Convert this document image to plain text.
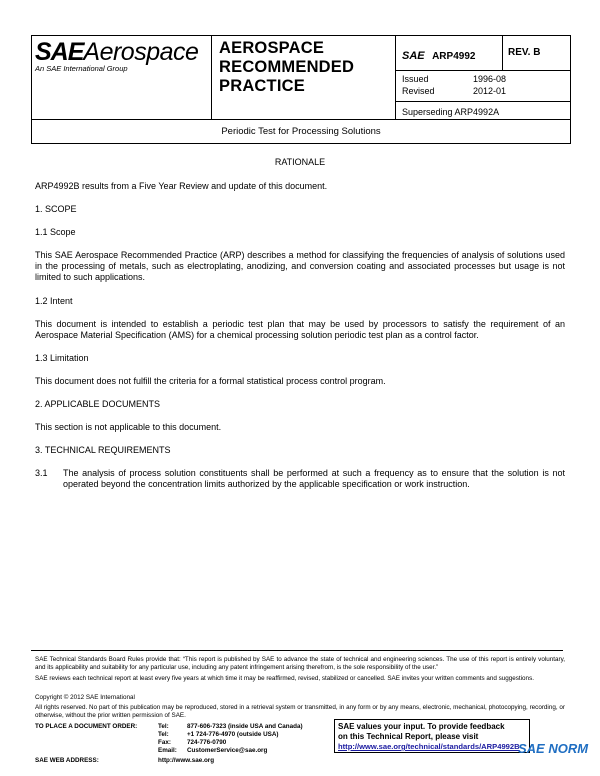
SAEAerospace
An SAE International Group
AEROSPACE
RECOMMENDED
PRACTICE
SAE ARP4992	REV. B
Issued	1996-08
Revised	2012-01
Superseding ARP4992A
Periodic Test for Processing Solutions
RATIONALE
ARP4992B results from a Five Year Review and update of this document.
1. SCOPE
1.1 Scope
This SAE Aerospace Recommended Practice (ARP) describes a method for classifying the frequencies of analysis of solutions used in the processing of metals, such as electroplating, anodizing, and conversion coating and associated processes but usage is not limited to such applications.
1.2 Intent
This document is intended to establish a periodic test plan that may be used by processors to satisfy the requirement of an Aerospace Material Specification (AMS) for a chemical processing solution periodic test plan as a control factor.
1.3 Limitation
This document does not fulfill the criteria for a formal statistical process control program.
2. APPLICABLE DOCUMENTS
This section is not applicable to this document.
3. TECHNICAL REQUIREMENTS
3.1 The analysis of process solution constituents shall be performed at such a frequency as to ensure that the solution is not operated beyond the concentration limits authorized by the applicable specification or work instruction.
SAE Technical Standards Board Rules provide that: “This report is published by SAE to advance the state of technical and engineering sciences. The use of this report is entirely voluntary, and its applicability and suitability for any particular use, including any patent infringement arising therefrom, is the sole responsibility of the user.”
SAE reviews each technical report at least every five years at which time it may be reaffirmed, revised, stabilized or cancelled. SAE invites your written comments and suggestions.
Copyright © 2012 SAE International
All rights reserved. No part of this publication may be reproduced, stored in a retrieval system or transmitted, in any form or by any means, electronic, mechanical, photocopying, recording, or otherwise, without the prior written permission of SAE.
TO PLACE A DOCUMENT ORDER:	Tel:	877-606-7323 (inside USA and Canada)
Tel:	+1 724-776-4970 (outside USA)
Fax:	724-776-0790
Email: CustomerService@sae.org
SAE WEB ADDRESS:	http://www.sae.org
SAE values your input. To provide feedback
on this Technical Report, please visit
http://www.sae.org/technical/standards/ARP4992B
SAE NORM
